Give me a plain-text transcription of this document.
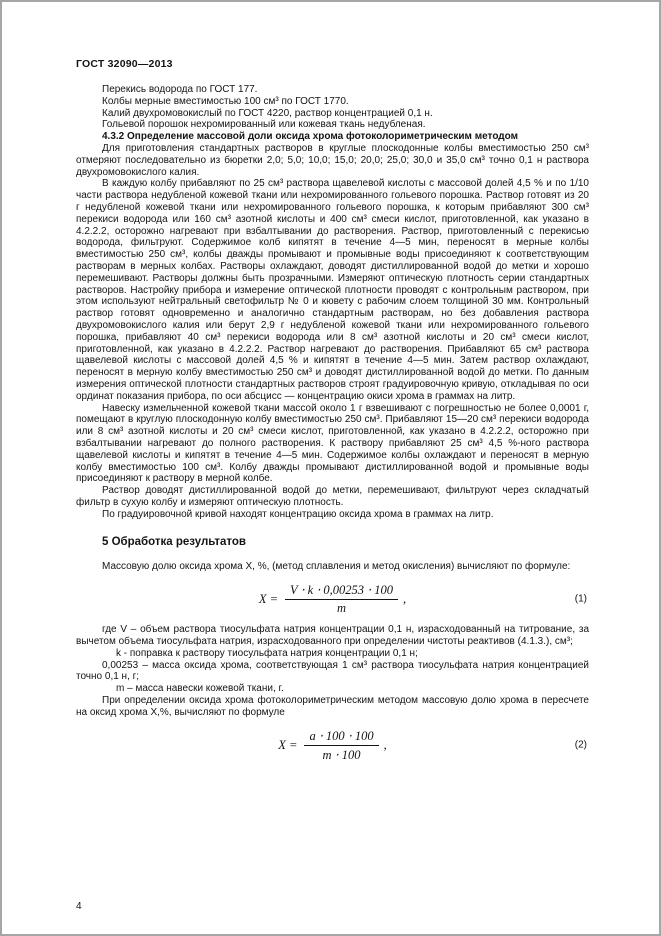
ГОСТ 32090—2013

Перекись водорода по ГОСТ 177.

Колбы мерные вместимостью 100 см³ по ГОСТ 1770.

Калий двухромовокислый по ГОСТ 4220, раствор концентрацией 0,1 н.

Гольевой порошок нехромированный или кожевая ткань недубленая.

4.3.2 Определение массовой доли оксида хрома фотоколориметрическим методом

Для приготовления стандартных растворов в круглые плоскодонные колбы вместимостью 250 см³ отмеряют последовательно из бюретки 2,0; 5,0; 10,0; 15,0; 20,0; 25,0; 30,0 и 35,0 см³ точно 0,1 н раствора двухромовокислого калия.

В каждую колбу прибавляют по 25 см³ раствора щавелевой кислоты с массовой долей 4,5 % и по 1/10 части раствора недубленой кожевой ткани или нехромированного гольевого порошка. Раствор готовят из 20 г недубленой кожевой ткани или нехромированного гольевого порошка, к которым прибавляют 300 см³ перекиси водорода или 160 см³ азотной кислоты и 400 см³ смеси кислот, приготовленной, как указано в 4.2.2.2, осторожно нагревают при взбалтывании до растворения. Раствор, приготовленный с перекисью водорода, фильтруют. Содержимое колб кипятят в течение 4—5 мин, переносят в мерные колбы вместимостью 250 см³, колбы дважды промывают и промывные воды присоединяют к соответствующим растворам в мерных колбах. Растворы охлаждают, доводят дистиллированной водой до метки и хорошо перемешивают. Растворы должны быть прозрачными. Измеряют оптическую плотность серии стандартных растворов. Настройку прибора и измерение оптической плотности проводят с контрольным раствором, при этом используют нейтральный светофильтр № 0 и кювету с рабочим слоем толщиной 30 мм. Контрольный раствор готовят одновременно и аналогично стандартным растворам, но без добавления раствора двухромовокислого калия или берут 2,9 г недубленой кожевой ткани или нехромированного гольевого порошка, прибавляют 40 см³ перекиси водорода или 8 см³ азотной кислоты и 20 см³ смеси кислот, приготовленной, как указано в 4.2.2.2. Раствор нагревают до растворения. Прибавляют 65 см³ раствора щавелевой кислоты с массовой долей 4,5 % и кипятят в течение 4—5 мин. Затем раствор охлаждают, переносят в мерную колбу вместимостью 250 см³ и доводят дистиллированной водой до метки. По данным измерения оптической плотности стандартных растворов строят градуировочную кривую, откладывая по оси ординат показания прибора, по оси абсцисс — концентрацию окиси хрома в граммах на литр.

Навеску измельченной кожевой ткани массой около 1 г взвешивают с погрешностью не более 0,0001 г, помещают в круглую плоскодонную колбу вместимостью 250 см³. Прибавляют 15—20 см³ перекиси водорода или 8 см³ азотной кислоты и 20 см³ смеси кислот, приготовленной, как указано в 4.2.2.2, осторожно при взбалтывании нагревают до полного растворения. К раствору прибавляют 25 см³ 4,5 %-ного раствора щавелевой кислоты и кипятят в течение 4—5 мин. Содержимое колбы охлаждают и переносят в мерную колбу вместимостью 100 см³. Колбу дважды промывают дистиллированной водой и промывные воды присоединяют к раствору в мерной колбе.

Раствор доводят дистиллированной водой до метки, перемешивают, фильтруют через складчатый фильтр в сухую колбу и измеряют оптическую плотность.

По градуировочной кривой находят концентрацию оксида хрома в граммах на литр.

5 Обработка результатов

Массовую долю оксида хрома X, %, (метод сплавления и метод окисления) вычисляют по формуле:

$X = \frac{V \cdot k \cdot 0,00253 \cdot 100}{m}$ ,	(1)

где V – объем раствора тиосульфата натрия концентрации 0,1 н, израсходованный на титрование, за вычетом объема тиосульфата натрия, израсходованного при определении чистоты реактивов (4.1.3.), см³;

k - поправка к раствору тиосульфата натрия концентрации 0,1 н;

0,00253 – масса оксида хрома, соответствующая 1 см³ раствора тиосульфата натрия концентрацией точно 0,1 н, г;

m – масса навески кожевой ткани, г.

При определении оксида хрома фотоколориметрическим методом массовую долю хрома в пересчете на оксид хрома X,%, вычисляют по формуле

$X = \frac{a \cdot 100 \cdot 100}{m \cdot 100}$ ,	(2)
4
